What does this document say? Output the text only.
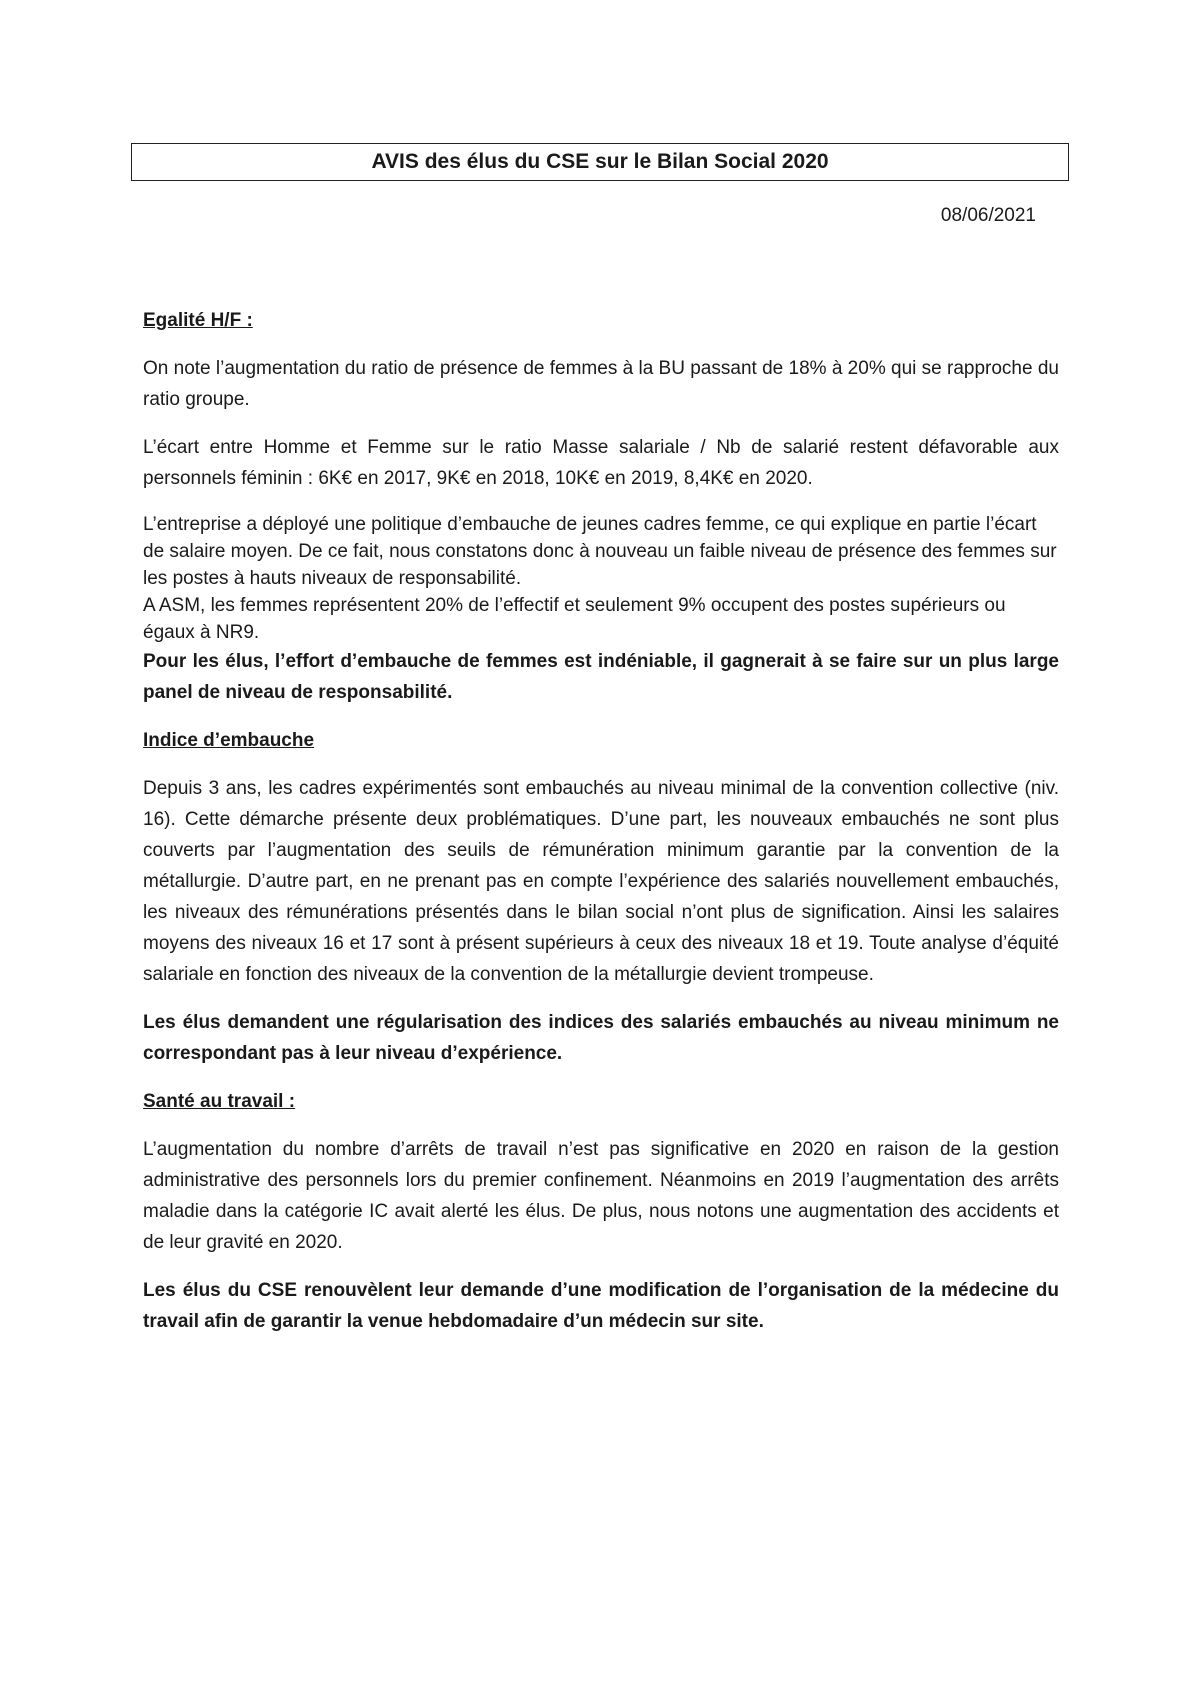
AVIS des élus du CSE sur le Bilan Social 2020
08/06/2021
Egalité H/F :
On note l’augmentation du ratio de présence de femmes à la BU passant de 18% à 20% qui se rapproche du ratio groupe.
L’écart entre Homme et Femme sur le ratio Masse salariale / Nb de salarié restent défavorable aux personnels féminin : 6K€ en 2017, 9K€ en 2018, 10K€ en 2019, 8,4K€ en 2020.
L’entreprise a déployé une politique d’embauche de jeunes cadres femme, ce qui explique en partie l’écart de salaire moyen. De ce fait, nous constatons donc à nouveau un faible niveau de présence des femmes sur les postes à hauts niveaux de responsabilité.
A ASM, les femmes représentent 20% de l’effectif et seulement 9% occupent des postes supérieurs ou égaux à NR9.
Pour les élus, l’effort d’embauche de femmes est indéniable, il gagnerait à se faire sur un plus large panel de niveau de responsabilité.
Indice d’embauche
Depuis 3 ans, les cadres expérimentés sont embauchés au niveau minimal de la convention collective (niv. 16). Cette démarche présente deux problématiques. D’une part, les nouveaux embauchés ne sont plus couverts par l’augmentation des seuils de rémunération minimum garantie par la convention de la métallurgie. D’autre part, en ne prenant pas en compte l’expérience des salariés nouvellement embauchés, les niveaux des rémunérations présentés dans le bilan social n’ont plus de signification. Ainsi les salaires moyens des niveaux 16 et 17 sont à présent supérieurs à ceux des niveaux 18 et 19. Toute analyse d’équité salariale en fonction des niveaux de la convention de la métallurgie devient trompeuse.
Les élus demandent une régularisation des indices des salariés embauchés au niveau minimum ne correspondant pas à leur niveau d’expérience.
Santé au travail :
L’augmentation du nombre d’arrêts de travail n’est pas significative en 2020 en raison de la gestion administrative des personnels lors du premier confinement. Néanmoins en 2019 l’augmentation des arrêts maladie dans la catégorie IC avait alerté les élus. De plus, nous notons une augmentation des accidents et de leur gravité en 2020.
Les élus du CSE renouvèlent leur demande d’une modification de l’organisation de la médecine du travail afin de garantir la venue hebdomadaire d’un médecin sur site.
